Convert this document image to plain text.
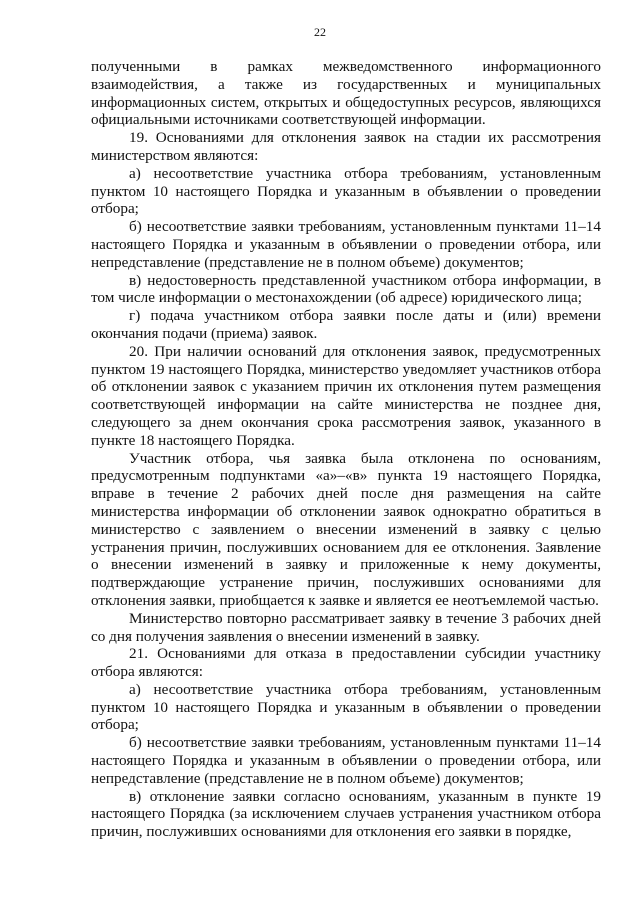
22

полученными в рамках межведомственного информационного взаимодействия, а также из государственных и муниципальных информационных систем, открытых и общедоступных ресурсов, являющихся официальными источниками соответствующей информации.

19. Основаниями для отклонения заявок на стадии их рассмотрения министерством являются:

а) несоответствие участника отбора требованиям, установленным пунктом 10 настоящего Порядка и указанным в объявлении о проведении отбора;

б) несоответствие заявки требованиям, установленным пунктами 11–14 настоящего Порядка и указанным в объявлении о проведении отбора, или непредставление (представление не в полном объеме) документов;

в) недостоверность представленной участником отбора информации, в том числе информации о местонахождении (об адресе) юридического лица;

г) подача участником отбора заявки после даты и (или) времени окончания подачи (приема) заявок.

20. При наличии оснований для отклонения заявок, предусмотренных пунктом 19 настоящего Порядка, министерство уведомляет участников отбора об отклонении заявок с указанием причин их отклонения путем размещения соответствующей информации на сайте министерства не позднее дня, следующего за днем окончания срока рассмотрения заявок, указанного в пункте 18 настоящего Порядка.

Участник отбора, чья заявка была отклонена по основаниям, предусмотренным подпунктами «а»–«в» пункта 19 настоящего Порядка, вправе в течение 2 рабочих дней после дня размещения на сайте министерства информации об отклонении заявок однократно обратиться в министерство с заявлением о внесении изменений в заявку с целью устранения причин, послуживших основанием для ее отклонения. Заявление о внесении изменений в заявку и приложенные к нему документы, подтверждающие устранение причин, послуживших основаниями для отклонения заявки, приобщается к заявке и является ее неотъемлемой частью.

Министерство повторно рассматривает заявку в течение 3 рабочих дней со дня получения заявления о внесении изменений в заявку.

21. Основаниями для отказа в предоставлении субсидии участнику отбора являются:

а) несоответствие участника отбора требованиям, установленным пунктом 10 настоящего Порядка и указанным в объявлении о проведении отбора;

б) несоответствие заявки требованиям, установленным пунктами 11–14 настоящего Порядка и указанным в объявлении о проведении отбора, или непредставление (представление не в полном объеме) документов;

в) отклонение заявки согласно основаниям, указанным в пункте 19 настоящего Порядка (за исключением случаев устранения участником отбора причин, послуживших основаниями для отклонения его заявки в порядке,
